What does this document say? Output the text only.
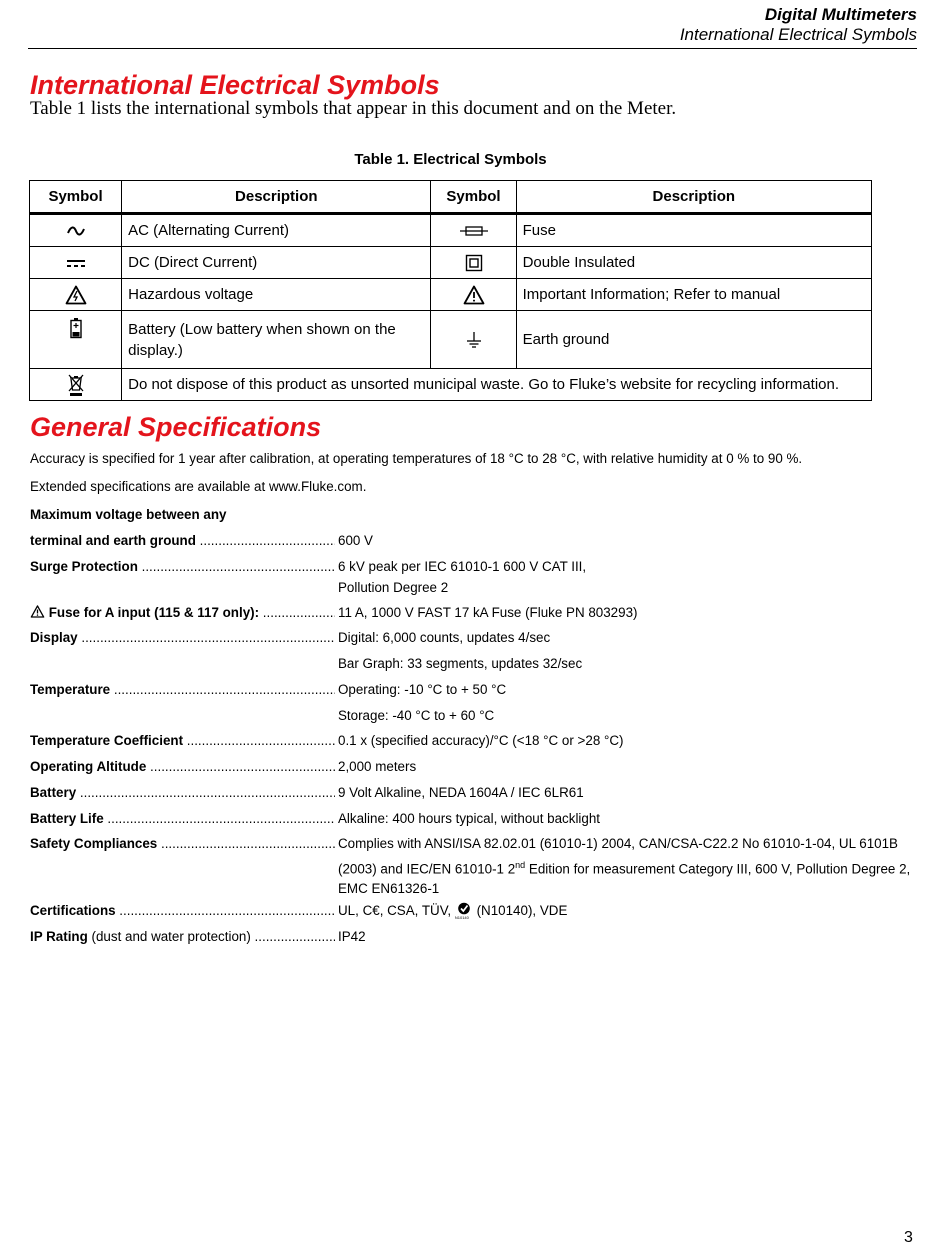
Digital Multimeters
International Electrical Symbols
International Electrical Symbols

Table 1 lists the international symbols that appear in this document and on the Meter.

Table 1. Electrical Symbols

Symbol	Description	Symbol	Description
	AC (Alternating Current)		Fuse
	DC (Direct Current)		Double Insulated
	Hazardous voltage		Important Information; Refer to manual
	Battery (Low battery when shown on the display.)		Earth ground
	Do not dispose of this product as unsorted municipal waste. Go to Fluke’s website for recycling information.		
General Specifications

Accuracy is specified for 1 year after calibration, at operating temperatures of 18 °C to 28 °C, with relative humidity at 0 % to 90 %.

Extended specifications are available at www.Fluke.com.

Maximum voltage between any
terminal and earth ground .....	600 V
Surge Protection .....	6 kV peak per IEC 61010-1 600 V CAT III,
Pollution Degree 2
Fuse for A input (115 & 117 only): .....	11 A, 1000 V FAST 17 kA Fuse (Fluke PN 803293)
Display .....	Digital: 6,000 counts, updates 4/sec
Bar Graph: 33 segments, updates 32/sec
Temperature .....	Operating: -10 °C to + 50 °C
Storage: -40 °C to + 60 °C
Temperature Coefficient .....	0.1 x (specified accuracy)/°C (<18 °C or >28 °C)
Operating Altitude .....	2,000 meters
Battery .....	9 Volt Alkaline, NEDA 1604A / IEC 6LR61
Battery Life .....	Alkaline: 400 hours typical, without backlight
Safety Compliances .....	Complies with ANSI/ISA 82.02.01 (61010-1) 2004, CAN/CSA-C22.2 No 61010-1-04, UL 6101B (2003) and IEC/EN 61010-1 2nd Edition for measurement Category III, 600 V, Pollution Degree 2, EMC EN61326-1
Certifications .....	UL, C€, CSA, TÜV, N10140 (N10140), VDE
IP Rating (dust and water protection) .....	IP42
3
